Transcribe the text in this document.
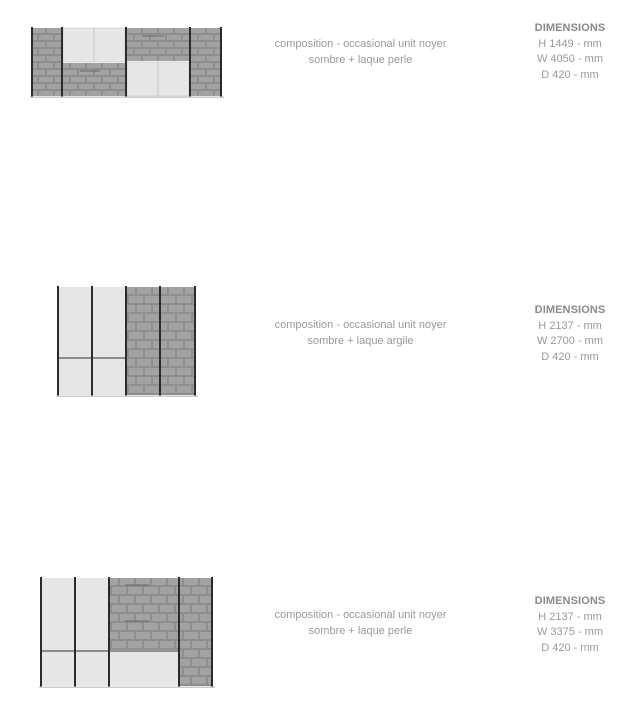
composition - occasional unit noyer
sombre + laque perle
DIMENSIONS
H 1449 - mm
W 4050 - mm
D 420 - mm
composition - occasional unit noyer
sombre + laque argile
DIMENSIONS
H 2137 - mm
W 2700 - mm
D 420 - mm
composition - occasional unit noyer
sombre + laque perle
DIMENSIONS
H 2137 - mm
W 3375 - mm
D 420 - mm
